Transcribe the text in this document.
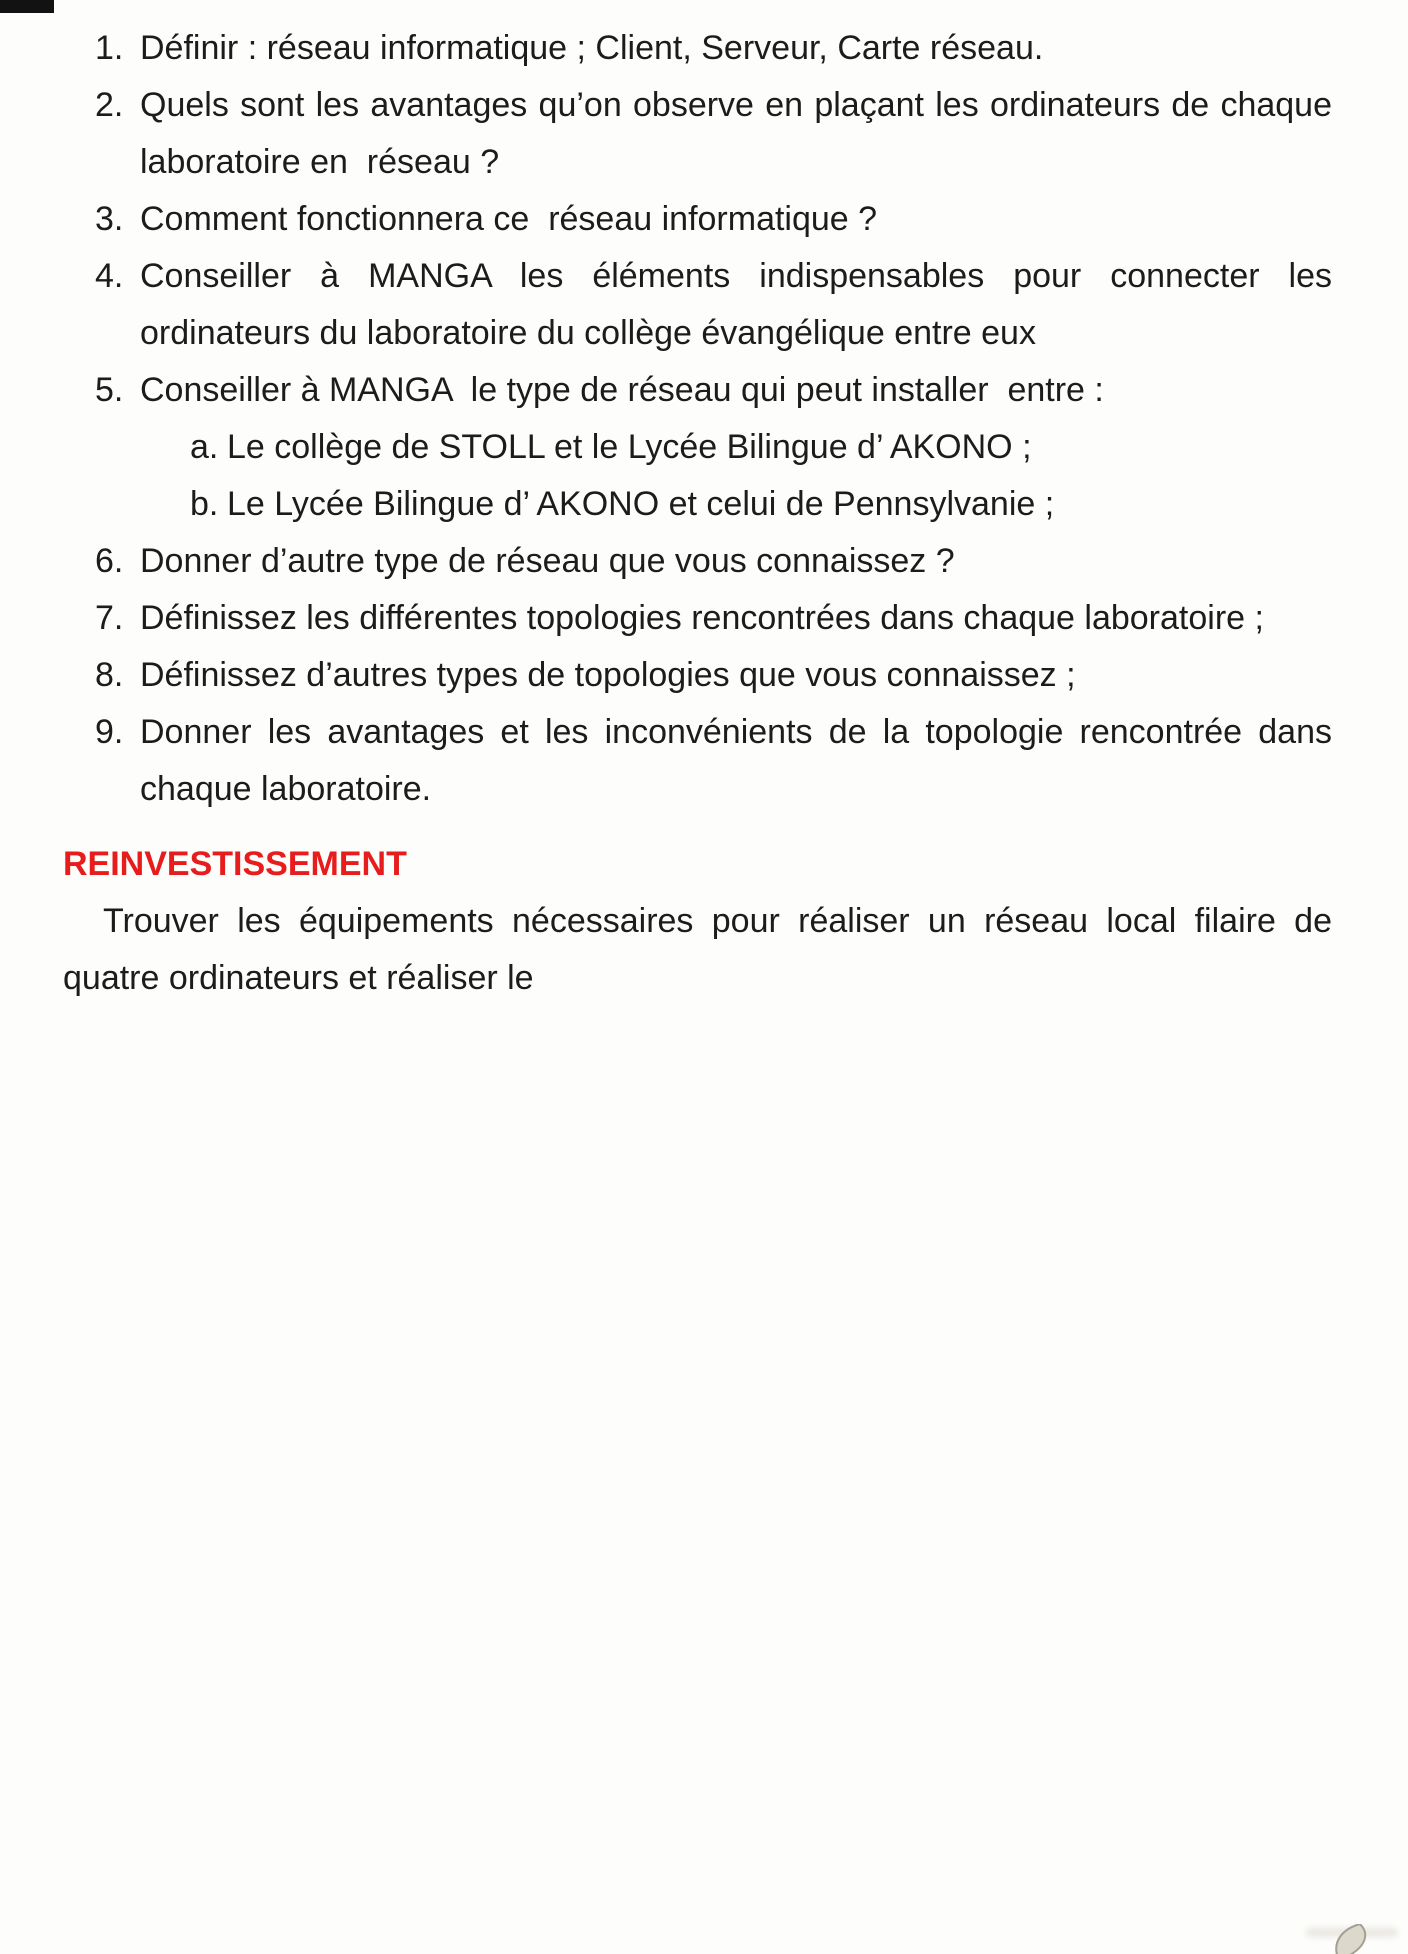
1. Définir : réseau informatique ; Client, Serveur, Carte réseau.
2. Quels sont les avantages qu’on observe en plaçant les ordinateurs de chaque
laboratoire en  réseau ?
3. Comment fonctionnera ce  réseau informatique ?
4. Conseiller à MANGA les éléments indispensables pour connecter les
ordinateurs du laboratoire du collège évangélique entre eux
5. Conseiller à MANGA  le type de réseau qui peut installer  entre :
a. Le collège de STOLL et le Lycée Bilingue d’ AKONO ;
b. Le Lycée Bilingue d’ AKONO et celui de Pennsylvanie ;
6. Donner d’autre type de réseau que vous connaissez ?
7. Définissez les différentes topologies rencontrées dans chaque laboratoire ;
8. Définissez d’autres types de topologies que vous connaissez ;
9. Donner les avantages et les inconvénients de la topologie rencontrée dans
chaque laboratoire.
REINVESTISSEMENT
Trouver les équipements nécessaires pour réaliser un réseau local filaire de
quatre ordinateurs et réaliser le
